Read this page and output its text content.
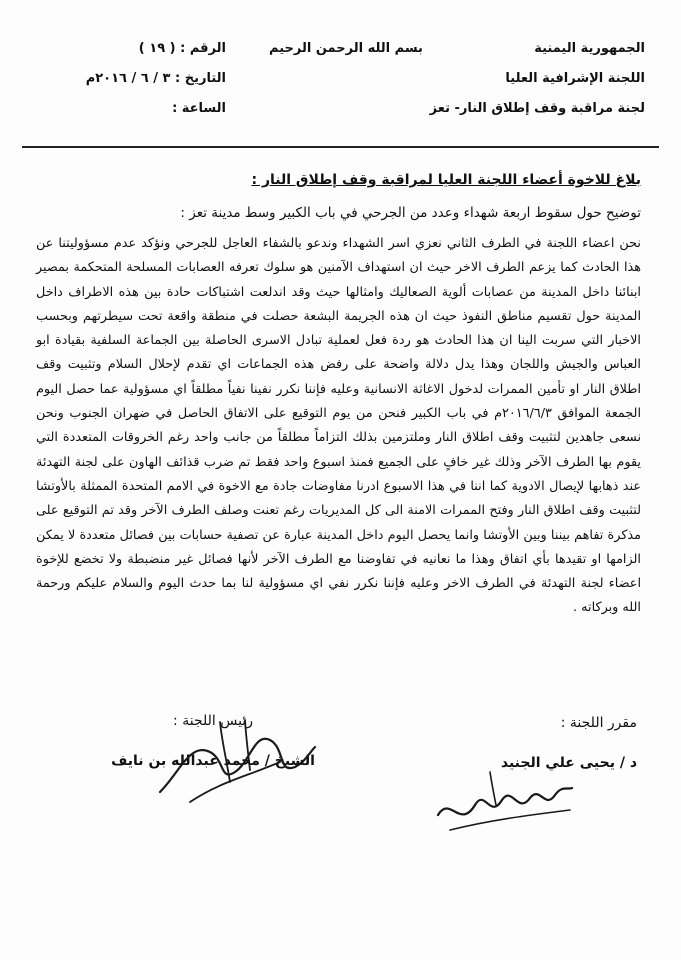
الجمهورية اليمنية
اللجنة الإشرافية العليا
لجنة مراقبة وقف إطلاق النار- تعز
بسم الله الرحمن الرحيم
الرقم : ( ١٩ )
التاريخ : ٣ / ٦ / ٢٠١٦م
الساعة :
بلاغ للاخوة أعضاء اللجنة العليا لمراقبة وقف إطلاق النار :
توضيح حول سقوط اربعة شهداء وعدد من الجرحي في باب الكبير وسط مدينة تعز :

نحن اعضاء اللجنة في الطرف الثاني نعزي اسر الشهداء وندعو بالشفاء العاجل للجرحي ونؤكد عدم مسؤوليتنا عن هذا الحادث كما يزعم الطرف الاخر حيث ان استهداف الآمنين هو سلوك تعرفه العصابات المسلحة المتحكمة بمصير ابنائنا داخل المدينة من عصابات ألوية الصعاليك وامثالها حيث وقد اندلعت اشتباكات حادة بين هذه الاطراف داخل المدينة حول تقسيم مناطق النفوذ حيث ان هذه الجريمة البشعة حصلت في منطقة واقعة تحت سيطرتهم وبحسب الاخبار التي سربت الينا ان هذا الحادث هو ردة فعل لعملية تبادل الاسرى الحاصلة بين الجماعة السلفية بقيادة ابو العباس والجيش واللجان وهذا يدل دلالة واضحة على رفض هذه الجماعات اي تقدم لإحلال السلام وتثبيت وقف اطلاق النار او تأمين الممرات لدخول الاغاثة الانسانية وعليه فإننا نكرر نفينا نفياً مطلقاً اي مسؤولية عما حصل اليوم الجمعة الموافق ٢٠١٦/٦/٣م في باب الكبير فنحن من يوم التوقيع على الاتفاق الحاصل في ضهران الجنوب ونحن نسعى جاهدين لتثبيت وقف اطلاق النار وملتزمين بذلك التزاماً مطلقاً من جانب واحد رغم الخروقات المتعددة التي يقوم بها الطرف الآخر وذلك غير خافٍ على الجميع فمنذ اسبوع واحد فقط تم ضرب قذائف الهاون على لجنة التهدئة عند ذهابها لإيصال الادوية كما اننا في هذا الاسبوع ادرنا مفاوضات جادة مع الاخوة في الامم المتحدة الممثلة بالأوتشا لتثبيت وقف اطلاق النار وفتح الممرات الامنة الى كل المديريات رغم تعنت وصلف الطرف الآخر وقد تم التوقيع على مذكرة تفاهم بيننا وبين الأوتشا وانما يحصل اليوم داخل المدينة عبارة عن تصفية حسابات بين فصائل متعددة لا يمكن الزامها او تقيدها بأي اتفاق وهذا ما نعانيه في تفاوضنا مع الطرف الآخر لأنها فصائل غير منضبطة ولا تخضع للإخوة اعضاء لجنة التهدئة في الطرف الاخر وعليه فإننا نكرر نفي اي مسؤولية لنا بما حدث اليوم والسلام عليكم ورحمة الله وبركاته .

رئيس اللجنة :
الشيخ / محمد عبدالله بن نايف
مقرر اللجنة :
د / يحيى علي الجنيد
